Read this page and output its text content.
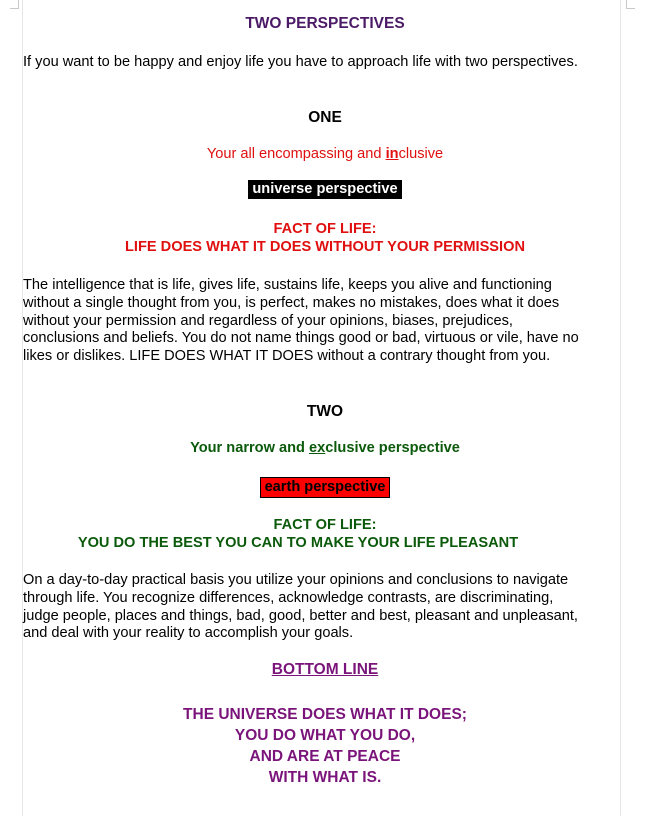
TWO PERSPECTIVES
If you want to be happy and enjoy life you have to approach life with two perspectives.
ONE
Your all encompassing and inclusive
universe perspective
FACT OF LIFE:
LIFE DOES WHAT IT DOES WITHOUT YOUR PERMISSION
The intelligence that is life, gives life, sustains life, keeps you alive and functioning
without a single thought from you, is perfect, makes no mistakes, does what it does
without your permission and regardless of your opinions, biases, prejudices,
conclusions and beliefs. You do not name things good or bad, virtuous or vile, have no
likes or dislikes. LIFE DOES WHAT IT DOES without a contrary thought from you.
TWO
Your narrow and exclusive perspective
earth perspective
FACT OF LIFE:
YOU DO THE BEST YOU CAN TO MAKE YOUR LIFE PLEASANT
On a day-to-day practical basis you utilize your opinions and conclusions to navigate
through life. You recognize differences, acknowledge contrasts, are discriminating,
judge people, places and things, bad, good, better and best, pleasant and unpleasant,
and deal with your reality to accomplish your goals.
BOTTOM LINE
THE UNIVERSE DOES WHAT IT DOES;
YOU DO WHAT YOU DO,
AND ARE AT PEACE
WITH WHAT IS.
